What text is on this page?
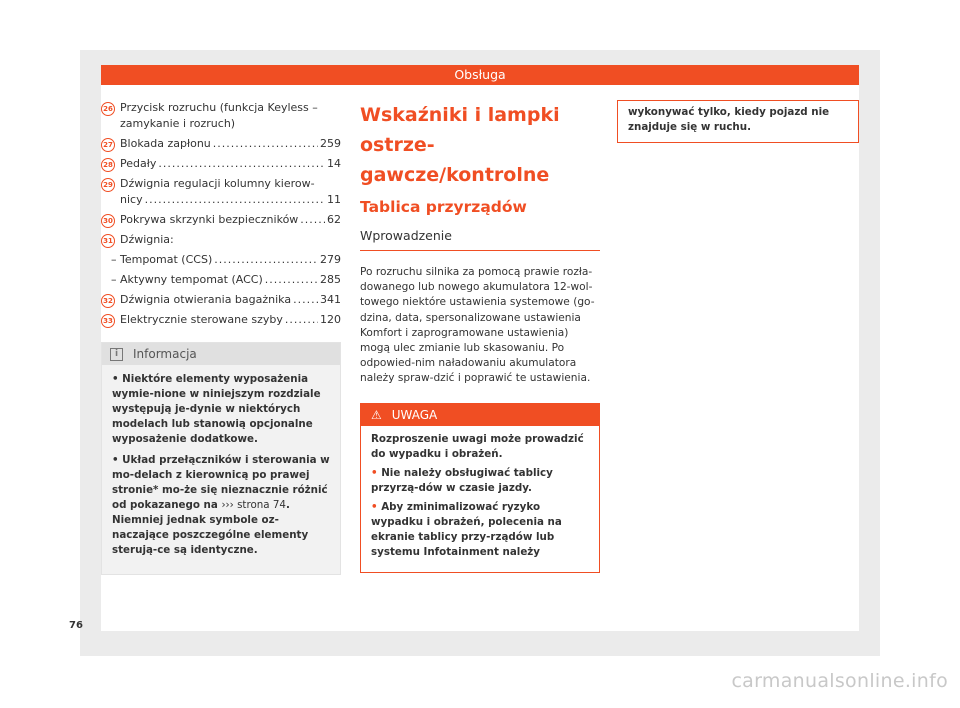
Obsługa
26 Przycisk rozruchu (funkcja Keyless –
zamykanie i rozruch)
27 Blokada zapłonu .....	259
28 Pedały .....	14
29 Dźwignia regulacji kolumny kierow-
nicy .....	11
30 Pokrywa skrzynki bezpieczników .....	62
31 Dźwignia:
– Tempomat (CCS) .....	279
– Aktywny tempomat (ACC) .....	285
32 Dźwignia otwierania bagażnika .....	341
33 Elektrycznie sterowane szyby .....	120
i	Informacja

• Niektóre elementy wyposażenia wymie-nione w niniejszym rozdziale występują je-dynie w niektórych modelach lub stanowią opcjonalne wyposażenie dodatkowe.

• Układ przełączników i sterowania w mo-delach z kierownicą po prawej stronie* mo-że się nieznacznie różnić od pokazanego na ››› strona 74. Niemniej jednak symbole oz-naczające poszczególne elementy sterują-ce są identyczne.

Wskaźniki i lampki ostrze-
gawcze/kontrolne
Tablica przyrządów
Wprowadzenie
Po rozruchu silnika za pomocą prawie rozła-dowanego lub nowego akumulatora 12-wol-towego niektóre ustawienia systemowe (go-dzina, data, spersonalizowane ustawienia Komfort i zaprogramowane ustawienia) mogą ulec zmianie lub skasowaniu. Po odpowied-nim naładowaniu akumulatora należy spraw-dzić i poprawić te ustawienia.
⚠ UWAGA

Rozproszenie uwagi może prowadzić do wypadku i obrażeń.

• Nie należy obsługiwać tablicy przyrzą-dów w czasie jazdy.

• Aby zminimalizować ryzyko wypadku i obrażeń, polecenia na ekranie tablicy przy-rządów lub systemu Infotainment należy

wykonywać tylko, kiedy pojazd nie znajduje się w ruchu.
76
carmanualsonline.info
